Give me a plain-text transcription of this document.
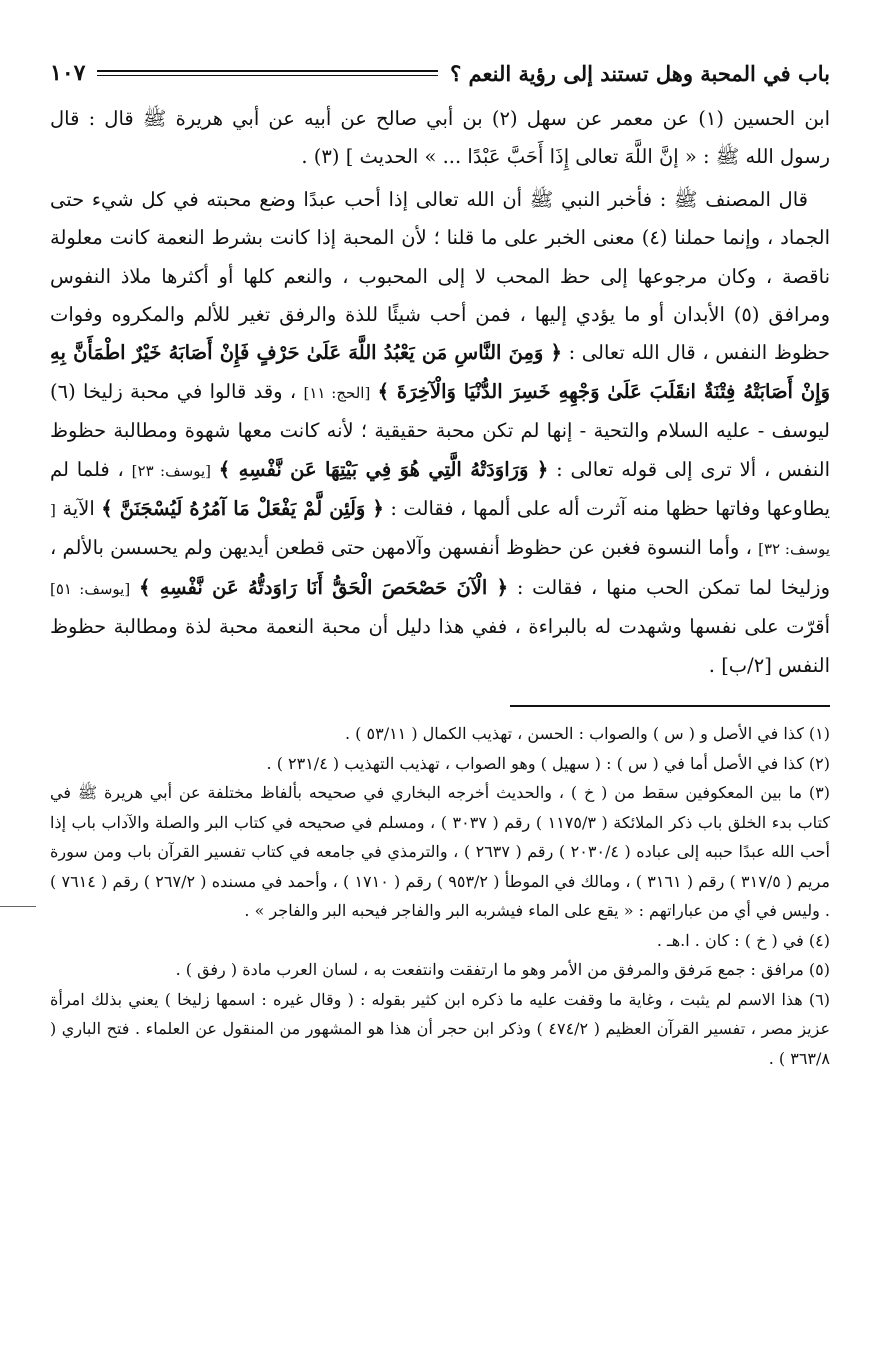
باب في المحبة وهل تستند إلى رؤية النعم ؟
١٠٧

ابن الحسين (١) عن معمر عن سهل (٢) بن أبي صالح عن أبيه عن أبي هريرة ﷺ قال : قال رسول الله ﷺ : « إنَّ اللَّهَ تعالى إِذَا أَحَبَّ عَبْدًا ... » الحديث ] (٣) .

قال المصنف ﷺ : فأخبر النبي ﷺ أن الله تعالى إذا أحب عبدًا وضع محبته في كل شيء حتى الجماد ، وإنما حملنا (٤) معنى الخبر على ما قلنا ؛ لأن المحبة إذا كانت بشرط النعمة كانت معلولة ناقصة ، وكان مرجوعها إلى حظ المحب لا إلى المحبوب ، والنعم كلها أو أكثرها ملاذ النفوس ومرافق (٥) الأبدان أو ما يؤدي إليها ، فمن أحب شيئًا للذة والرفق تغير للألم والمكروه وفوات حظوظ النفس ، قال الله تعالى : ﴿ وَمِنَ النَّاسِ مَن يَعْبُدُ اللَّهَ عَلَىٰ حَرْفٍ فَإِنْ أَصَابَهُ خَيْرٌ اطْمَأَنَّ بِهِ وَإِنْ أَصَابَتْهُ فِتْنَةٌ انقَلَبَ عَلَىٰ وَجْهِهِ خَسِرَ الدُّنْيَا وَالْآخِرَةَ ﴾ [الحج: ١١] ، وقد قالوا في محبة زليخا (٦) ليوسف - عليه السلام والتحية - إنها لم تكن محبة حقيقية ؛ لأنه كانت معها شهوة ومطالبة حظوظ النفس ، ألا ترى إلى قوله تعالى : ﴿ وَرَاوَدَتْهُ الَّتِي هُوَ فِي بَيْتِهَا عَن نَّفْسِهِ ﴾ [يوسف: ٢٣] ، فلما لم يطاوعها وفاتها حظها منه آثرت أله على ألمها ، فقالت : ﴿ وَلَئِن لَّمْ يَفْعَلْ مَا آمُرُهُ لَيُسْجَنَنَّ ﴾ الآية [ يوسف: ٣٢] ، وأما النسوة فغبن عن حظوظ أنفسهن وآلامهن حتى قطعن أيديهن ولم يحسسن بالألم ، وزليخا لما تمكن الحب منها ، فقالت : ﴿ الْآنَ حَصْحَصَ الْحَقُّ أَنَا رَاوَدتُّهُ عَن نَّفْسِهِ ﴾ [يوسف: ٥١] أقرّت على نفسها وشهدت له بالبراءة ، ففي هذا دليل أن محبة النعمة محبة لذة ومطالبة حظوظ النفس [٢/ب] .

(١) كذا في الأصل و ( س ) والصواب : الحسن ، تهذيب الكمال ( ٥٣/١١ ) .

(٢) كذا في الأصل أما في ( س ) : ( سهيل ) وهو الصواب ، تهذيب التهذيب ( ٢٣١/٤ ) .

(٣) ما بين المعكوفين سقط من ( خ ) ، والحديث أخرجه البخاري في صحيحه بألفاظ مختلفة عن أبي هريرة ﷺ في كتاب بدء الخلق باب ذكر الملائكة ( ١١٧٥/٣ ) رقم ( ٣٠٣٧ ) ، ومسلم في صحيحه في كتاب البر والصلة والآداب باب إذا أحب الله عبدًا حببه إلى عباده ( ٢٠٣٠/٤ ) رقم ( ٢٦٣٧ ) ، والترمذي في جامعه في كتاب تفسير القرآن باب ومن سورة مريم ( ٣١٧/٥ ) رقم ( ٣١٦١ ) ، ومالك في الموطأ ( ٩٥٣/٢ ) رقم ( ١٧١٠ ) ، وأحمد في مسنده ( ٢٦٧/٢ ) رقم ( ٧٦١٤ ) . وليس في أي من عباراتهم : « يقع على الماء فيشربه البر والفاجر فيحبه البر والفاجر » .

(٤) في ( خ ) : كان . ا.هـ .

(٥) مرافق : جمع مَرفق والمرفق من الأمر وهو ما ارتفقت وانتفعت به ، لسان العرب مادة ( رفق ) .

(٦) هذا الاسم لم يثبت ، وغاية ما وقفت عليه ما ذكره ابن كثير بقوله : ( وقال غيره : اسمها زليخا ) يعني بذلك امرأة عزيز مصر ، تفسير القرآن العظيم ( ٤٧٤/٢ ) وذكر ابن حجر أن هذا هو المشهور من المنقول عن العلماء . فتح الباري ( ٣٦٣/٨ ) .
